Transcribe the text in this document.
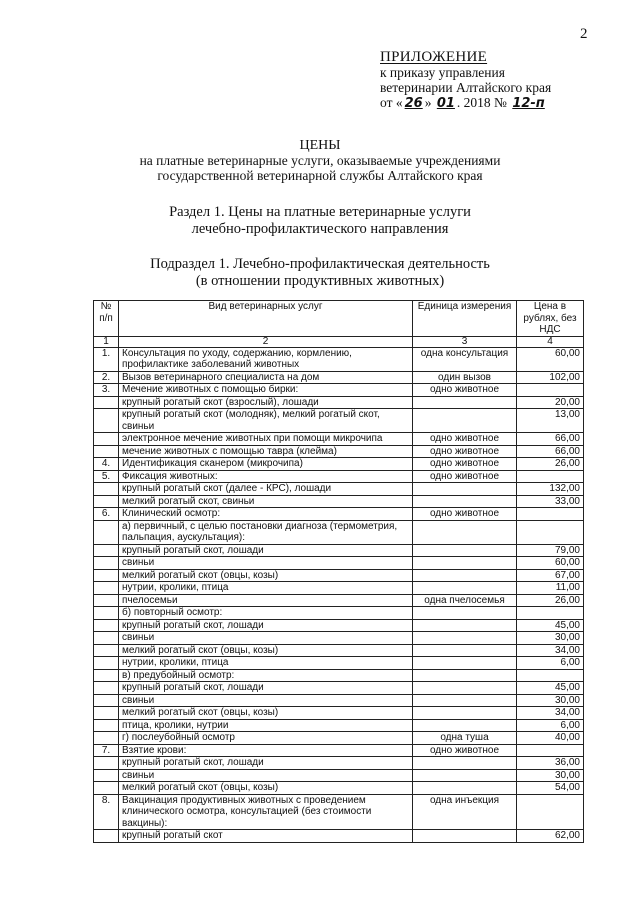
2
ПРИЛОЖЕНИЕ
к приказу управления
ветеринарии Алтайского края
от « 26 » 01 . 2018 № 12-п
ЦЕНЫ
на платные ветеринарные услуги, оказываемые учреждениями
государственной ветеринарной службы Алтайского края
Раздел 1. Цены на платные ветеринарные услуги
лечебно-профилактического направления
Подраздел 1. Лечебно-профилактическая деятельность
(в отношении продуктивных животных)
№ п/п	Вид ветеринарных услуг	Единица измерения	Цена в рублях, без НДС
1	2	3	4
1.	Консультация по уходу, содержанию, кормлению, профилактике заболеваний животных	одна консультация	60,00
2.	Вызов ветеринарного специалиста на дом	один вызов	102,00
3.	Мечение животных с помощью бирки:	одно животное	
	крупный рогатый скот (взрослый), лошади		20,00
	крупный рогатый скот (молодняк), мелкий рогатый скот, свиньи		13,00
	электронное мечение животных при помощи микрочипа	одно животное	66,00
	мечение животных с помощью тавра (клейма)	одно животное	66,00
4.	Идентификация сканером (микрочипа)	одно животное	26,00
5.	Фиксация животных:	одно животное	
	крупный рогатый скот (далее - КРС), лошади		132,00
	мелкий рогатый скот, свиньи		33,00
6.	Клинический осмотр:	одно животное	
	а) первичный, с целью постановки диагноза (термометрия, пальпация, аускультация):		
	крупный рогатый скот, лошади		79,00
	свиньи		60,00
	мелкий рогатый скот (овцы, козы)		67,00
	нутрии, кролики, птица		11,00
	пчелосемьи	одна пчелосемья	26,00
	б) повторный осмотр:		
	крупный рогатый скот, лошади		45,00
	свиньи		30,00
	мелкий рогатый скот (овцы, козы)		34,00
	нутрии, кролики, птица		6,00
	в) предубойный осмотр:		
	крупный рогатый скот, лошади		45,00
	свиньи		30,00
	мелкий рогатый скот (овцы, козы)		34,00
	птица, кролики, нутрии		6,00
	г) послеубойный осмотр	одна туша	40,00
7.	Взятие крови:	одно животное	
	крупный рогатый скот, лошади		36,00
	свиньи		30,00
	мелкий рогатый скот (овцы, козы)		54,00
8.	Вакцинация продуктивных животных с проведением клинического осмотра, консультацией (без стоимости вакцины):	одна инъекция	
	крупный рогатый скот		62,00
